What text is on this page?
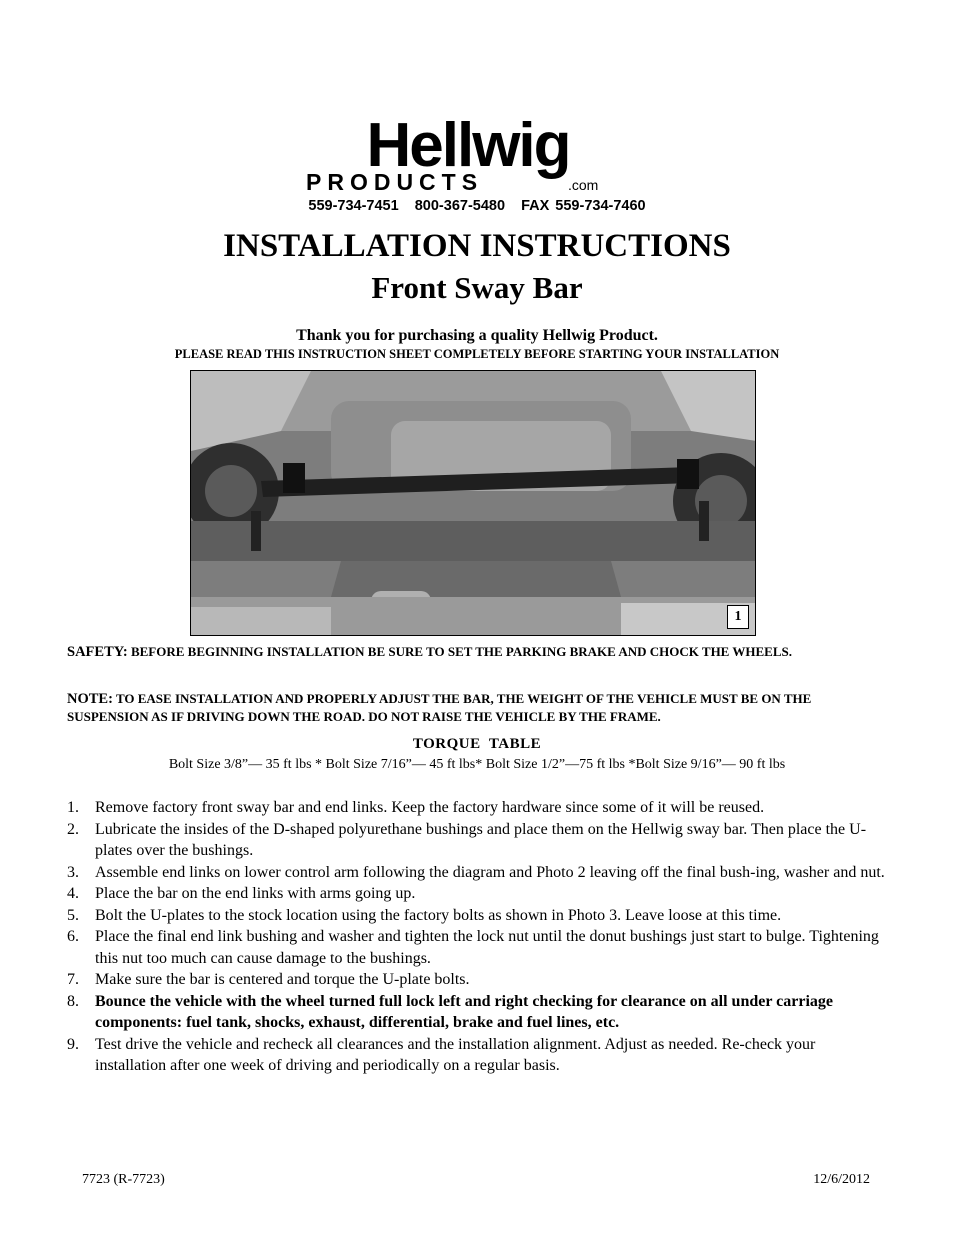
Hellwig
PRODUCTS	.com
559-734-7451 800-367-5480 FAX 559-734-7460
INSTALLATION INSTRUCTIONS
Front Sway Bar
Thank you for purchasing a quality Hellwig Product.
PLEASE READ THIS INSTRUCTION SHEET COMPLETELY BEFORE STARTING YOUR INSTALLATION
1
SAFETY: BEFORE BEGINNING INSTALLATION BE SURE TO SET THE PARKING BRAKE AND CHOCK THE WHEELS.
NOTE: TO EASE INSTALLATION AND PROPERLY ADJUST THE BAR, THE WEIGHT OF THE VEHICLE MUST BE ON THE SUSPENSION AS IF DRIVING DOWN THE ROAD. DO NOT RAISE THE VEHICLE BY THE FRAME.
TORQUE  TABLE
Bolt Size 3/8”— 35 ft lbs * Bolt Size 7/16”— 45 ft lbs* Bolt Size 1/2”—75 ft lbs *Bolt Size 9/16”— 90 ft lbs
1. Remove factory front sway bar and end links. Keep the factory hardware since some of it will be reused.
2. Lubricate the insides of the D-shaped polyurethane bushings and place them on the Hellwig sway bar. Then place the U-plates over the bushings.
3. Assemble end links on lower control arm following the diagram and Photo 2 leaving off the final bush-ing, washer and nut.
4. Place the bar on the end links with arms going up.
5. Bolt the U-plates to the stock location using the factory bolts as shown in Photo 3. Leave loose at this time.
6. Place the final end link bushing and washer and tighten the lock nut until the donut bushings just start to bulge. Tightening this nut too much can cause damage to the bushings.
7. Make sure the bar is centered and torque the U-plate bolts.
8. Bounce the vehicle with the wheel turned full lock left and right checking for clearance on all under carriage components: fuel tank, shocks, exhaust, differential, brake and fuel lines, etc.
9. Test drive the vehicle and recheck all clearances and the installation alignment. Adjust as needed. Re-check your installation after one week of driving and periodically on a regular basis.
7723 (R-7723)	12/6/2012
